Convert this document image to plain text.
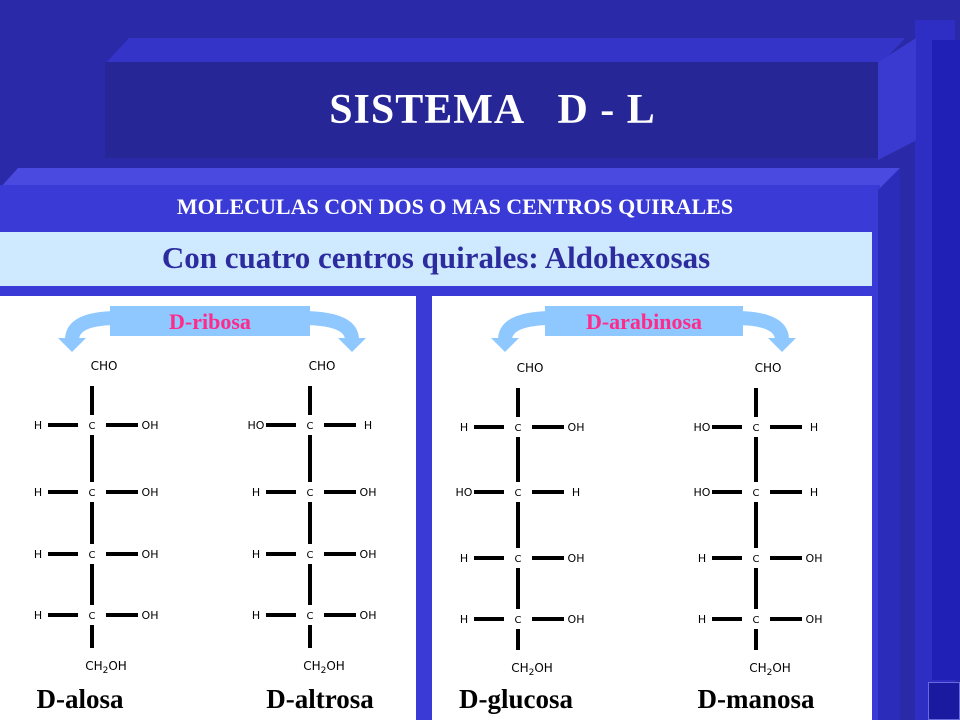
SISTEMA   D - L
MOLECULAS CON DOS O MAS CENTROS QUIRALES
Con cuatro centros quirales: Aldohexosas
CHO
H	C	OH
H	C	OH
H	C	OH
H	C	OH
$CH_2OH$
D-alosa
CHO
HO	C	H
H	C	OH
H	C	OH
H	C	OH
$CH_2OH$
D-altrosa
CHO
H	C	OH
HO	C	H
H	C	OH
H	C	OH
$CH_2OH$
D-glucosa
CHO
HO	C	H
HO	C	H
H	C	OH
H	C	OH
$CH_2OH$
D-manosa
D-ribosa	D-arabinosa
